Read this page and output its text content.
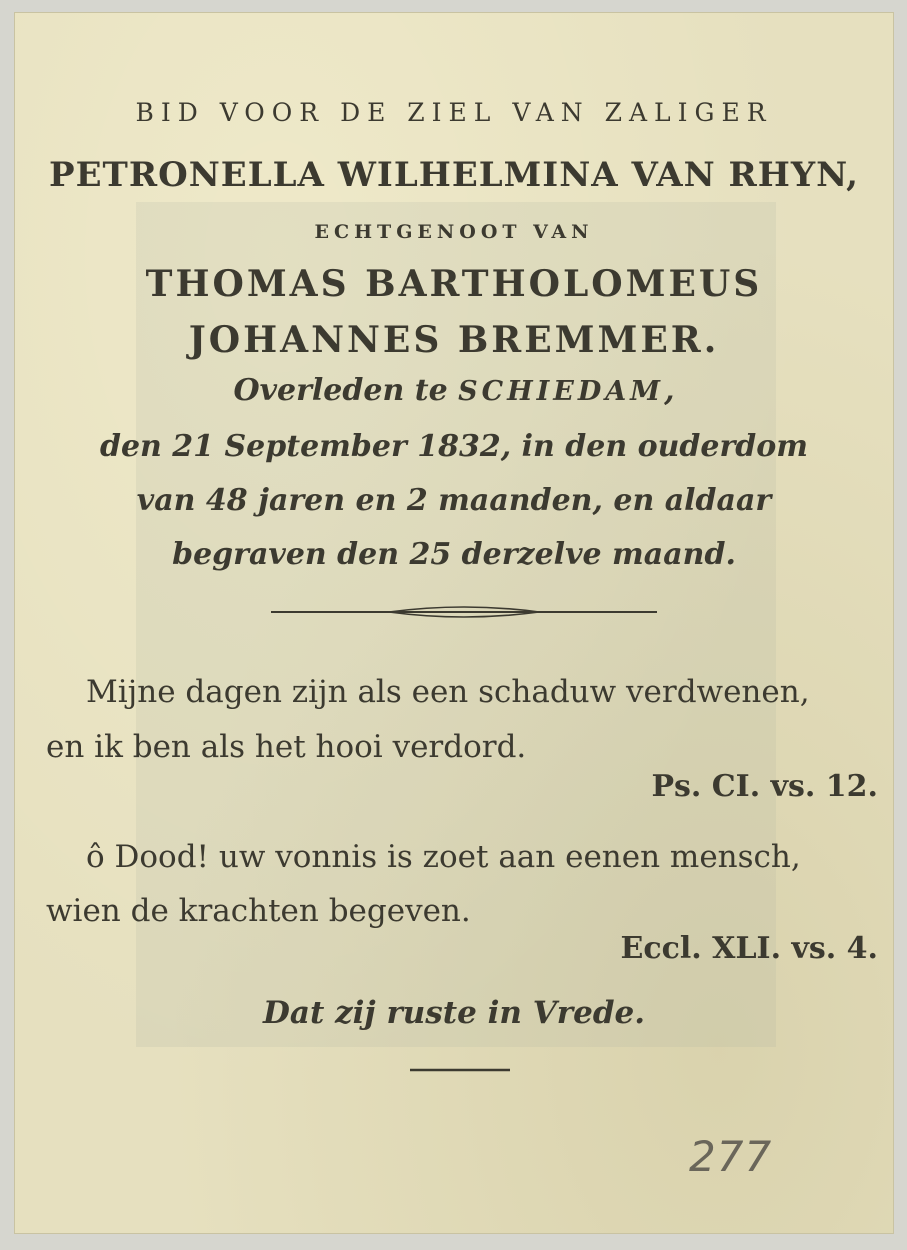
BID VOOR DE ZIEL VAN ZALIGER
PETRONELLA WILHELMINA VAN RHYN,
ECHTGENOOT VAN
THOMAS BARTHOLOMEUS
JOHANNES BREMMER.
Overleden te SCHIEDAM,
den 21 September 1832, in den ouderdom
van 48 jaren en 2 maanden, en aldaar
begraven den 25 derzelve maand.
Mijne dagen zijn als een schaduw verdwenen,
en ik ben als het hooi verdord.
Ps. CI. vs. 12.
ô Dood! uw vonnis is zoet aan eenen mensch,
wien de krachten begeven.
Eccl. XLI. vs. 4.
Dat zij ruste in Vrede.
277
